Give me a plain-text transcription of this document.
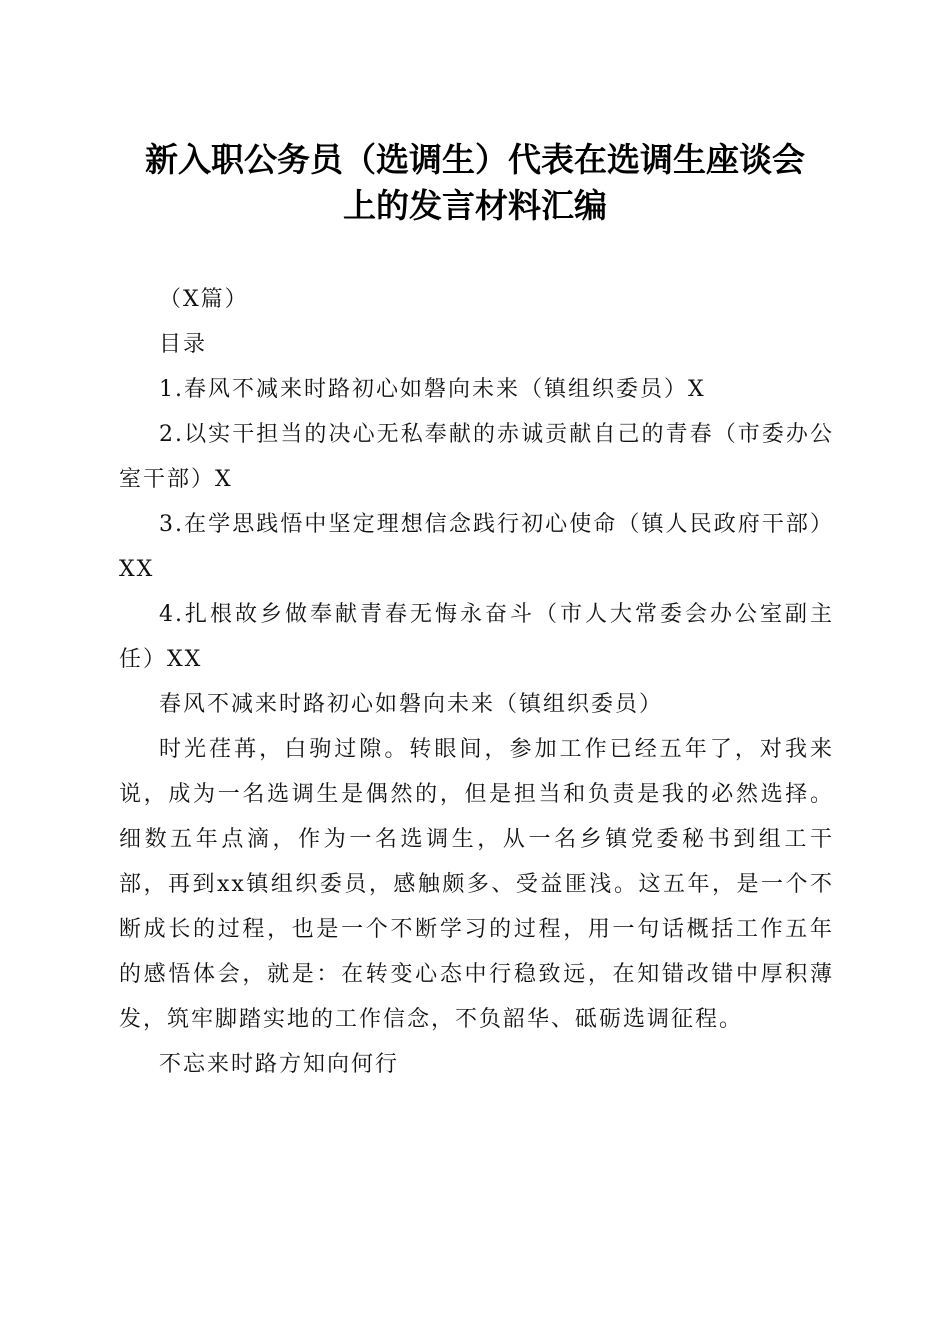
新入职公务员（选调生）代表在选调生座谈会
上的发言材料汇编

（X篇）

目录

1.春风不减来时路初心如磐向未来（镇组织委员）X

2.以实干担当的决心无私奉献的赤诚贡献自己的青春（市委办公室干部）X

3.在学思践悟中坚定理想信念践行初心使命（镇人民政府干部）XX

4.扎根故乡做奉献青春无悔永奋斗（市人大常委会办公室副主任）XX

春风不减来时路初心如磐向未来（镇组织委员）

时光荏苒，白驹过隙。转眼间，参加工作已经五年了，对我来说，成为一名选调生是偶然的，但是担当和负责是我的必然选择。细数五年点滴，作为一名选调生，从一名乡镇党委秘书到组工干部，再到xx镇组织委员，感触颇多、受益匪浅。这五年，是一个不断成长的过程，也是一个不断学习的过程，用一句话概括工作五年的感悟体会，就是：在转变心态中行稳致远，在知错改错中厚积薄发，筑牢脚踏实地的工作信念，不负韶华、砥砺选调征程。

不忘来时路方知向何行
